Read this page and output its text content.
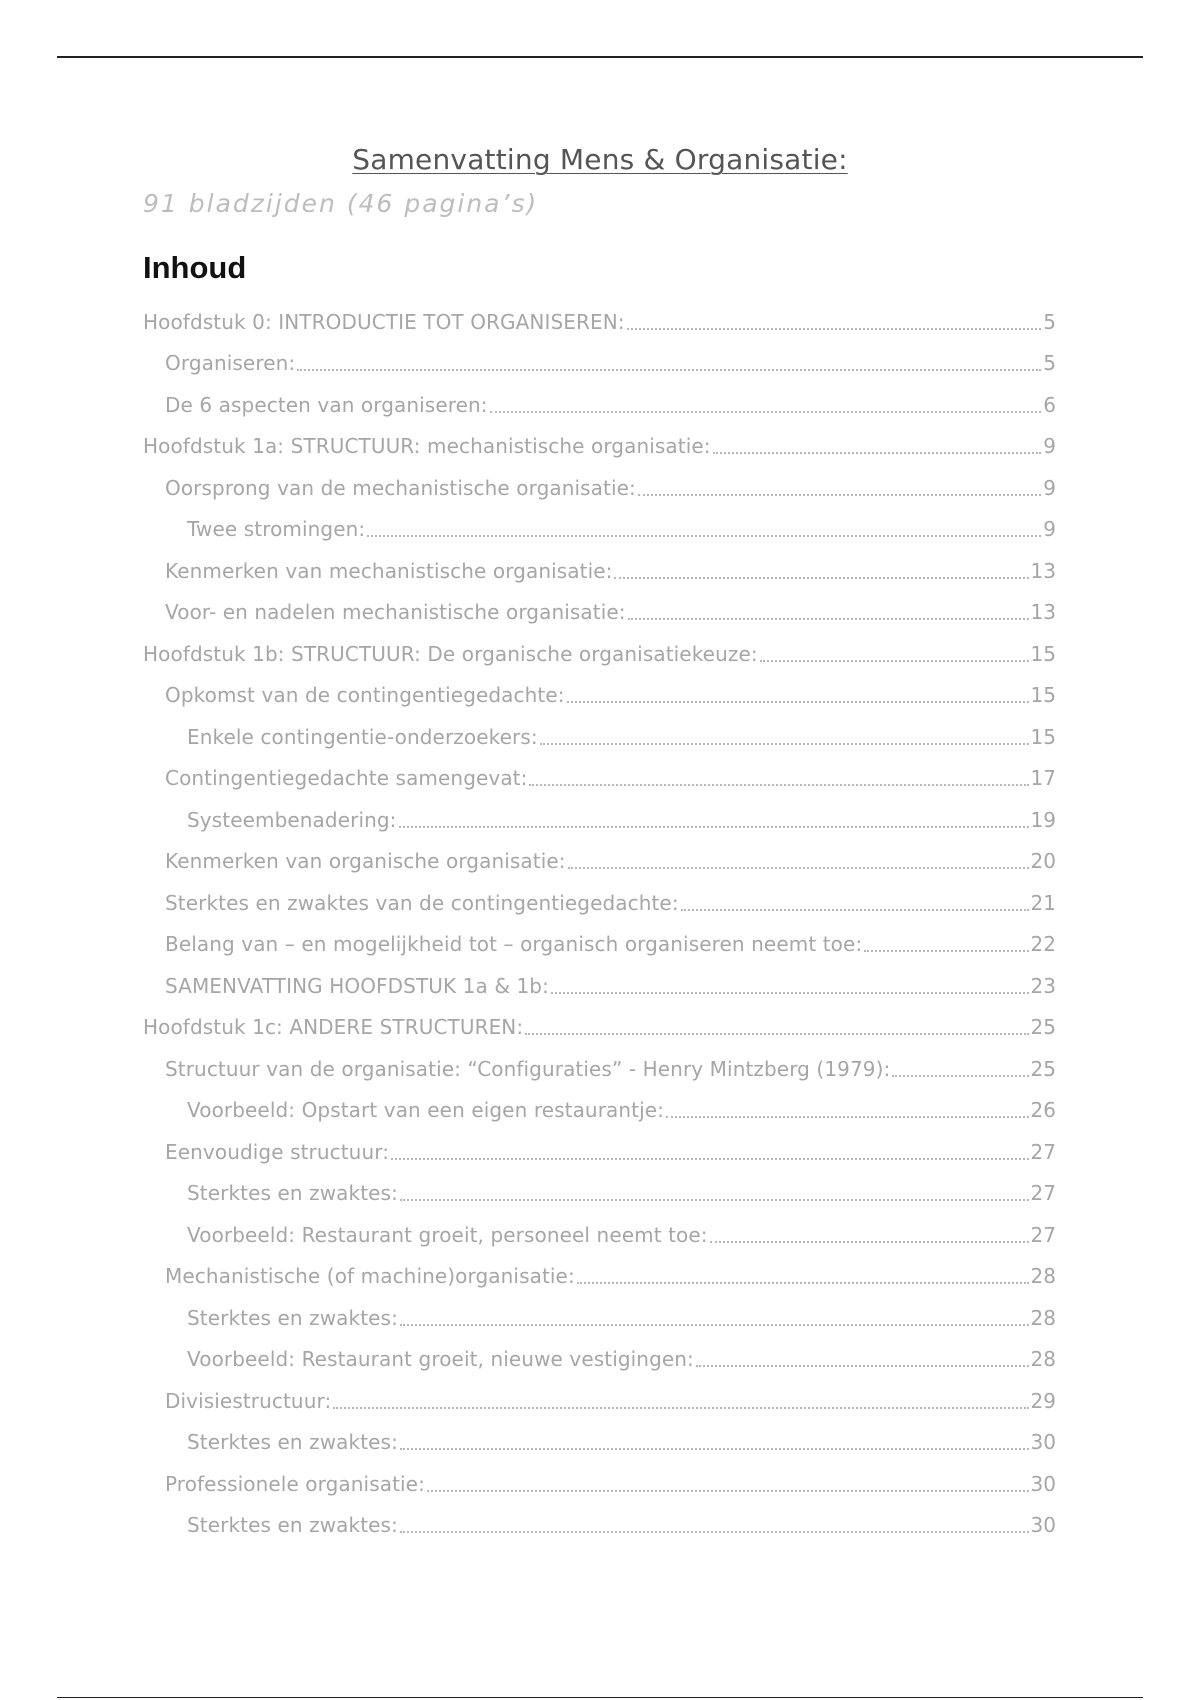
Samenvatting Mens & Organisatie:
91 bladzijden (46 pagina’s)
Inhoud
Hoofdstuk 0: INTRODUCTIE TOT ORGANISEREN:	5
Organiseren:	5
De 6 aspecten van organiseren:	6
Hoofdstuk 1a: STRUCTUUR: mechanistische organisatie:	9
Oorsprong van de mechanistische organisatie:	9
Twee stromingen:	9
Kenmerken van mechanistische organisatie:	13
Voor- en nadelen mechanistische organisatie:	13
Hoofdstuk 1b: STRUCTUUR: De organische organisatiekeuze:	15
Opkomst van de contingentiegedachte:	15
Enkele contingentie-onderzoekers:	15
Contingentiegedachte samengevat:	17
Systeembenadering:	19
Kenmerken van organische organisatie:	20
Sterktes en zwaktes van de contingentiegedachte:	21
Belang van – en mogelijkheid tot – organisch organiseren neemt toe:	22
SAMENVATTING HOOFDSTUK 1a & 1b:	23
Hoofdstuk 1c: ANDERE STRUCTUREN:	25
Structuur van de organisatie: “Configuraties” - Henry Mintzberg (1979):	25
Voorbeeld: Opstart van een eigen restaurantje:	26
Eenvoudige structuur:	27
Sterktes en zwaktes:	27
Voorbeeld: Restaurant groeit, personeel neemt toe:	27
Mechanistische (of machine)organisatie:	28
Sterktes en zwaktes:	28
Voorbeeld: Restaurant groeit, nieuwe vestigingen:	28
Divisiestructuur:	29
Sterktes en zwaktes:	30
Professionele organisatie:	30
Sterktes en zwaktes:	30
